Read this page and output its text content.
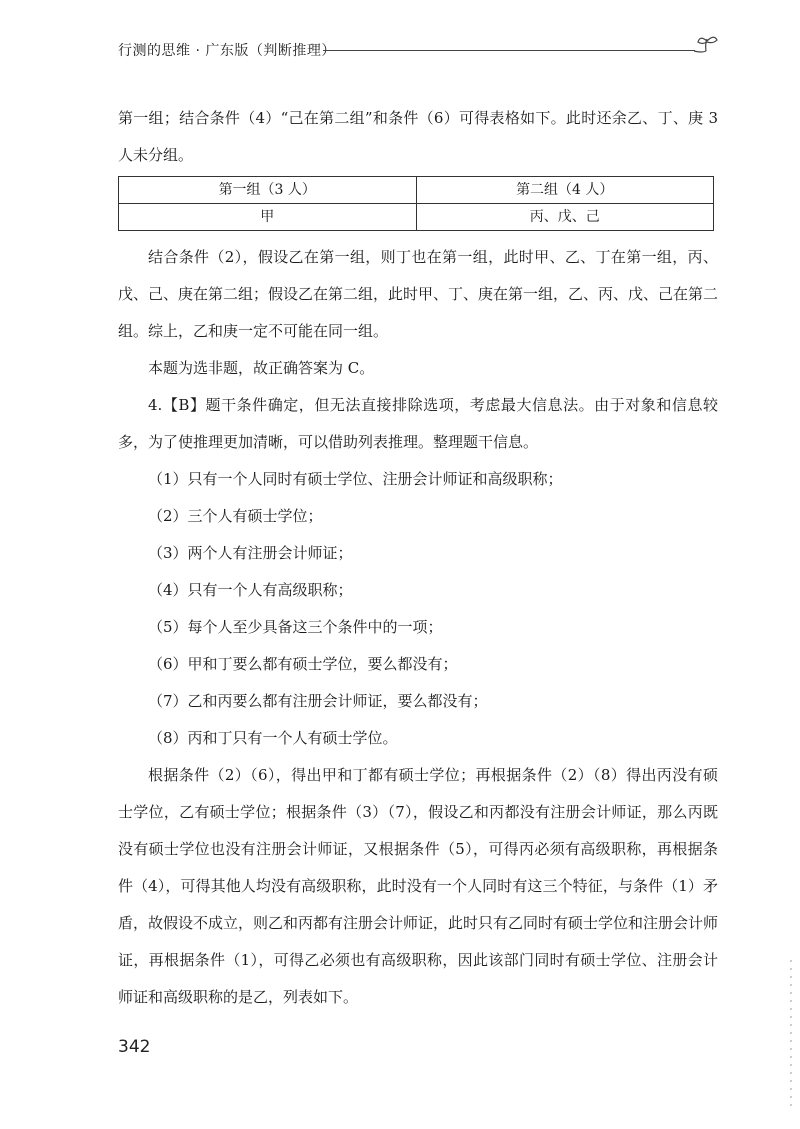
行测的思维 · 广东版（判断推理）

第一组；结合条件（4）“己在第二组”和条件（6）可得表格如下。此时还余乙、丁、庚 3 人未分组。

第一组（3 人）	第二组（4 人）
甲	丙、戊、己

结合条件（2），假设乙在第一组，则丁也在第一组，此时甲、乙、丁在第一组，丙、戊、己、庚在第二组；假设乙在第二组，此时甲、丁、庚在第一组，乙、丙、戊、己在第二组。综上，乙和庚一定不可能在同一组。

本题为选非题，故正确答案为 C。

4.【B】题干条件确定，但无法直接排除选项，考虑最大信息法。由于对象和信息较多，为了使推理更加清晰，可以借助列表推理。整理题干信息。

（1）只有一个人同时有硕士学位、注册会计师证和高级职称；

（2）三个人有硕士学位；

（3）两个人有注册会计师证；

（4）只有一个人有高级职称；

（5）每个人至少具备这三个条件中的一项；

（6）甲和丁要么都有硕士学位，要么都没有；

（7）乙和丙要么都有注册会计师证，要么都没有；

（8）丙和丁只有一个人有硕士学位。

根据条件（2）（6），得出甲和丁都有硕士学位；再根据条件（2）（8）得出丙没有硕士学位，乙有硕士学位；根据条件（3）（7），假设乙和丙都没有注册会计师证，那么丙既没有硕士学位也没有注册会计师证，又根据条件（5），可得丙必须有高级职称，再根据条件（4），可得其他人均没有高级职称，此时没有一个人同时有这三个特征，与条件（1）矛盾，故假设不成立，则乙和丙都有注册会计师证，此时只有乙同时有硕士学位和注册会计师证，再根据条件（1），可得乙必须也有高级职称，因此该部门同时有硕士学位、注册会计师证和高级职称的是乙，列表如下。

342
